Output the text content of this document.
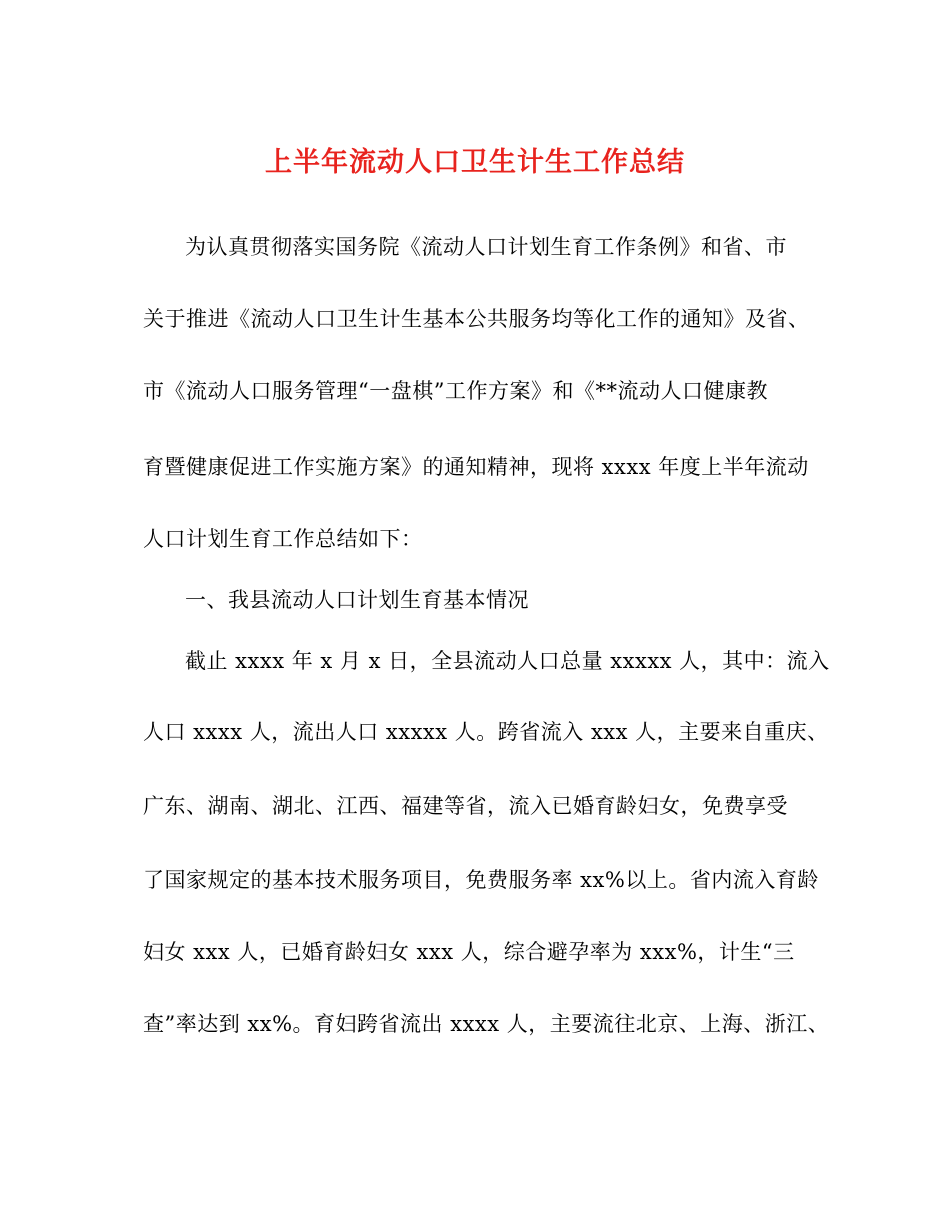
上半年流动人口卫生计生工作总结
为认真贯彻落实国务院《流动人口计划生育工作条例》和省、市
关于推进《流动人口卫生计生基本公共服务均等化工作的通知》及省、
市《流动人口服务管理“一盘棋”工作方案》和《**流动人口健康教
育暨健康促进工作实施方案》的通知精神，现将 xxxx 年度上半年流动
人口计划生育工作总结如下：
一、我县流动人口计划生育基本情况
截止 xxxx 年 x 月 x 日，全县流动人口总量 xxxxx 人，其中：流入
人口 xxxx 人，流出人口 xxxxx 人。跨省流入 xxx 人，主要来自重庆、
广东、湖南、湖北、江西、福建等省，流入已婚育龄妇女，免费享受
了国家规定的基本技术服务项目，免费服务率 xx%以上。省内流入育龄
妇女 xxx 人，已婚育龄妇女 xxx 人，综合避孕率为 xxx%，计生“三
查”率达到 xx%。育妇跨省流出 xxxx 人，主要流往北京、上海、浙江、
